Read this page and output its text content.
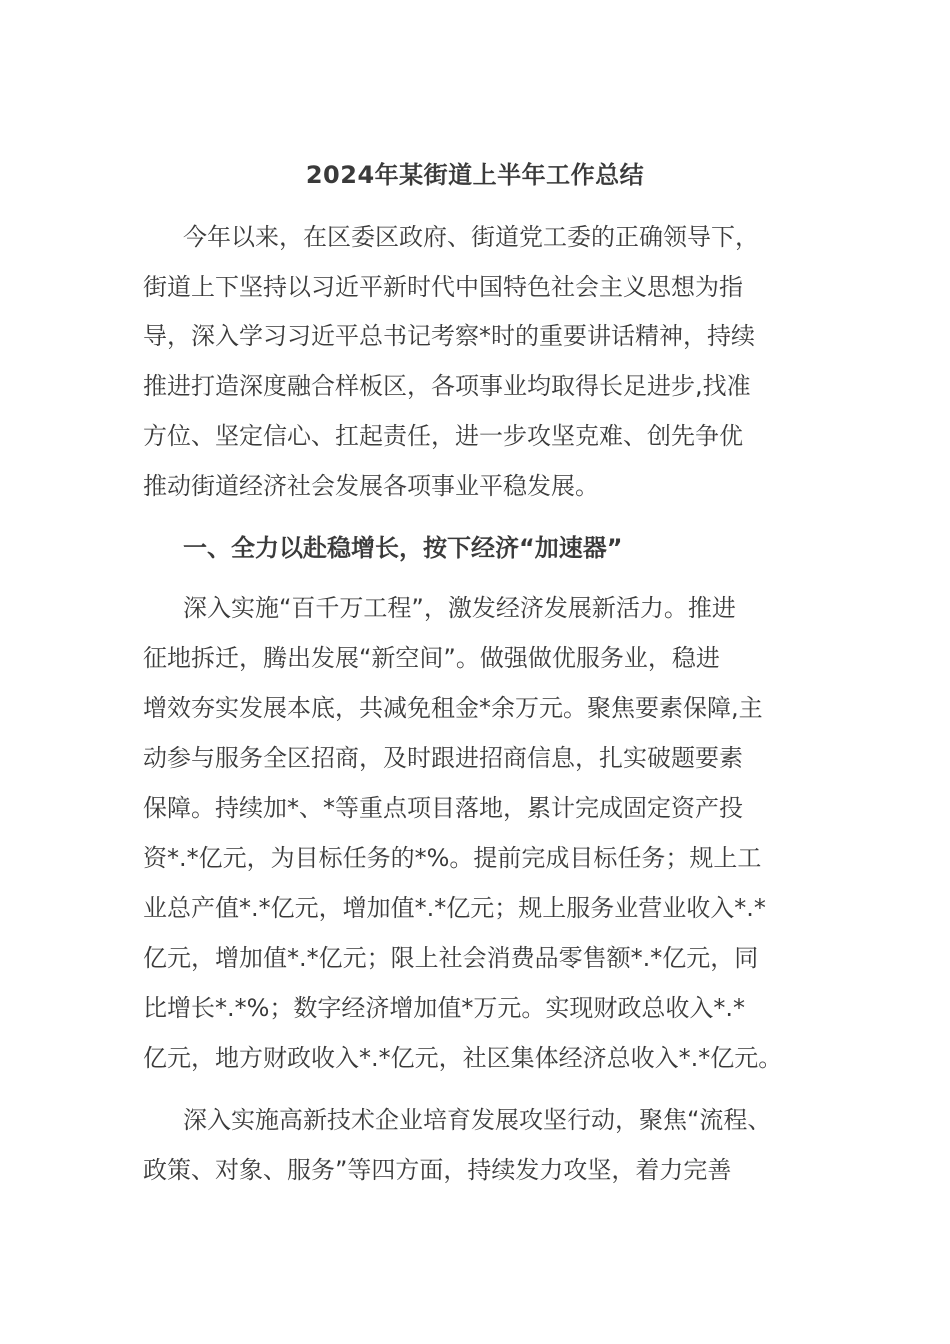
2024年某街道上半年工作总结
今年以来，在区委区政府、街道党工委的正确领导下，
街道上下坚持以习近平新时代中国特色社会主义思想为指
导，深入学习习近平总书记考察*时的重要讲话精神，持续
推进打造深度融合样板区，各项事业均取得长足进步,找准
方位、坚定信心、扛起责任，进一步攻坚克难、创先争优
推动街道经济社会发展各项事业平稳发展。
一、全力以赴稳增长，按下经济“加速器”
深入实施“百千万工程”，激发经济发展新活力。推进
征地拆迁，腾出发展“新空间”。做强做优服务业，稳进
增效夯实发展本底，共减免租金*余万元。聚焦要素保障,主
动参与服务全区招商，及时跟进招商信息，扎实破题要素
保障。持续加*、*等重点项目落地，累计完成固定资产投
资*.*亿元，为目标任务的*%。提前完成目标任务；规上工
业总产值*.*亿元，增加值*.*亿元；规上服务业营业收入*.*
亿元，增加值*.*亿元；限上社会消费品零售额*.*亿元，同
比增长*.*%；数字经济增加值*万元。实现财政总收入*.*
亿元，地方财政收入*.*亿元，社区集体经济总收入*.*亿元。
深入实施高新技术企业培育发展攻坚行动，聚焦“流程、
政策、对象、服务”等四方面，持续发力攻坚，着力完善
